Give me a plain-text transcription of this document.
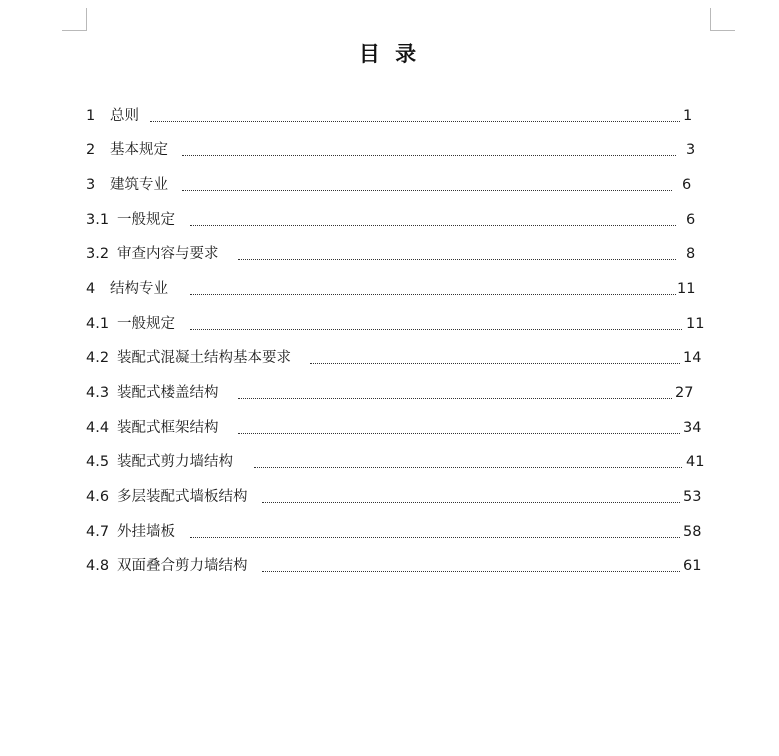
目 录
1 总则	1
2 基本规定	3
3 建筑专业	6
3.1 一般规定	6
3.2 审查内容与要求	8
4 结构专业	11
4.1 一般规定	11
4.2 装配式混凝土结构基本要求	14
4.3 装配式楼盖结构	27
4.4 装配式框架结构	34
4.5 装配式剪力墙结构	41
4.6 多层装配式墙板结构	53
4.7 外挂墙板	58
4.8 双面叠合剪力墙结构	61
